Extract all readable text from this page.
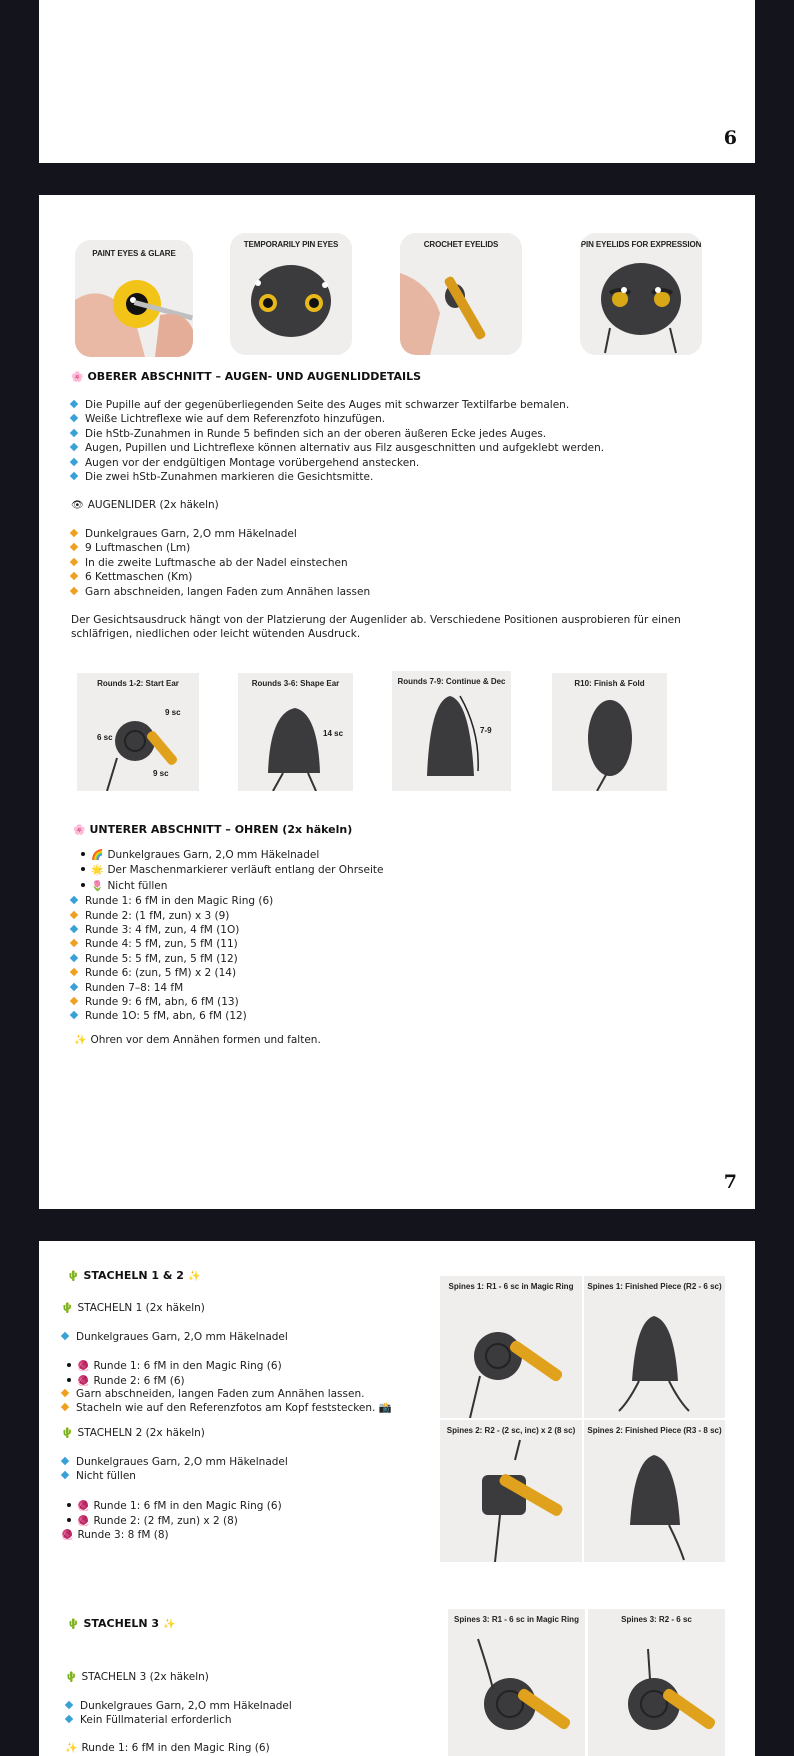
6
PAINT EYES & GLARE
TEMPORARILY PIN EYES	CROCHET EYELIDS	PIN EYELIDS FOR EXPRESSION
🌸 OBERER ABSCHNITT – AUGEN- UND AUGENLIDDETAILS
Die Pupille auf der gegenüberliegenden Seite des Auges mit schwarzer Textilfarbe bemalen.
Weiße Lichtreflexe wie auf dem Referenzfoto hinzufügen.
Die hStb-Zunahmen in Runde 5 befinden sich an der oberen äußeren Ecke jedes Auges.
Augen, Pupillen und Lichtreflexe können alternativ aus Filz ausgeschnitten und aufgeklebt werden.
Augen vor der endgültigen Montage vorübergehend anstecken.
Die zwei hStb-Zunahmen markieren die Gesichtsmitte.
👁 AUGENLIDER (2x häkeln)
Dunkelgraues Garn, 2,O mm Häkelnadel
9 Luftmaschen (Lm)
In die zweite Luftmasche ab der Nadel einstechen
6 Kettmaschen (Km)
Garn abschneiden, langen Faden zum Annähen lassen
Der Gesichtsausdruck hängt von der Platzierung der Augenlider ab. Verschiedene Positionen ausprobieren für einen schläfrigen, niedlichen oder leicht wütenden Ausdruck.
Rounds 1-2: Start Ear
9 sc
6 sc
9 sc
Rounds 3-6: Shape Ear
14 sc
Rounds 7-9: Continue & Dec
7-9
R10: Finish & Fold
🌸 UNTERER ABSCHNITT – OHREN (2x häkeln)
🌈 Dunkelgraues Garn, 2,O mm Häkelnadel
🌟 Der Maschenmarkierer verläuft entlang der Ohrseite
🌷 Nicht füllen
Runde 1: 6 fM in den Magic Ring (6)
Runde 2: (1 fM, zun) x 3 (9)
Runde 3: 4 fM, zun, 4 fM (1O)
Runde 4: 5 fM, zun, 5 fM (11)
Runde 5: 5 fM, zun, 5 fM (12)
Runde 6: (zun, 5 fM) x 2 (14)
Runden 7–8: 14 fM
Runde 9: 6 fM, abn, 6 fM (13)
Runde 1O: 5 fM, abn, 6 fM (12)
✨ Ohren vor dem Annähen formen und falten.
7
🌵 STACHELN 1 & 2 ✨
🌵 STACHELN 1 (2x häkeln)
Dunkelgraues Garn, 2,O mm Häkelnadel
🧶 Runde 1: 6 fM in den Magic Ring (6)
🧶 Runde 2: 6 fM (6)
Garn abschneiden, langen Faden zum Annähen lassen.
Stacheln wie auf den Referenzfotos am Kopf feststecken. 📸
🌵 STACHELN 2 (2x häkeln)
Dunkelgraues Garn, 2,O mm Häkelnadel
Nicht füllen
🧶 Runde 1: 6 fM in den Magic Ring (6)
🧶 Runde 2: (2 fM, zun) x 2 (8)
🧶 Runde 3: 8 fM (8)
Spines 1: R1 - 6 sc in Magic Ring	Spines 1: Finished Piece (R2 - 6 sc)
Spines 2: R2 - (2 sc, inc) x 2 (8 sc)	Spines 2: Finished Piece (R3 - 8 sc)
🌵 STACHELN 3 ✨
🌵 STACHELN 3 (2x häkeln)
Dunkelgraues Garn, 2,O mm Häkelnadel
Kein Füllmaterial erforderlich
✨ Runde 1: 6 fM in den Magic Ring (6)
Spines 3: R1 - 6 sc in Magic Ring	Spines 3: R2 - 6 sc
